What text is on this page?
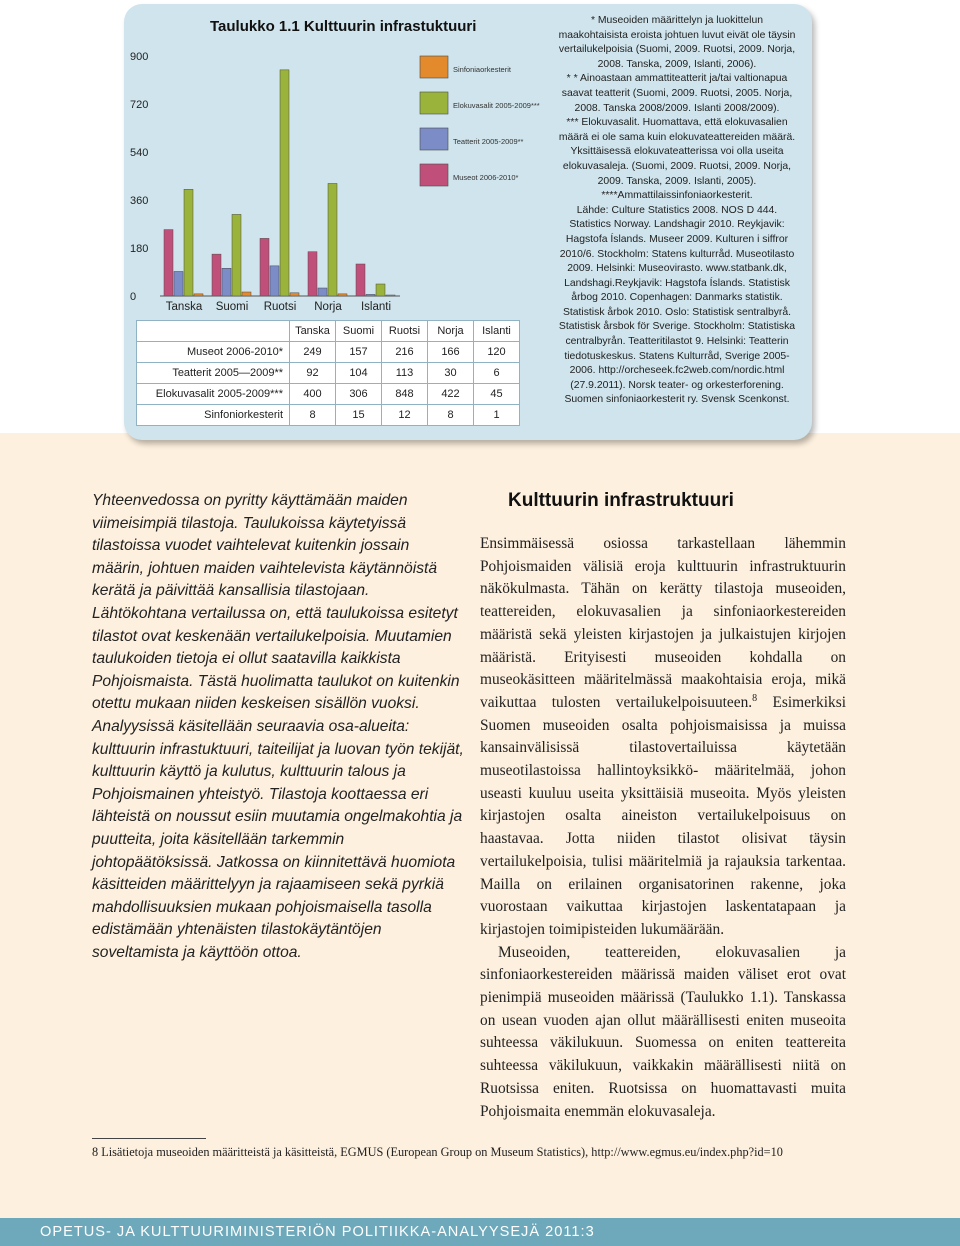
Taulukko 1.1 Kulttuurin infrastuktuuri
0
180
360
540
720
900
Tanska Suomi Ruotsi Norja Islanti
Sinfoniaorkesterit
Elokuvasalit 2005-2009***
Teatterit 2005-2009**
Museot 2006-2010*
* Museoiden määrittelyn ja luokittelun
maakohtaisista eroista johtuen luvut eivät ole täysin
vertailukelpoisia (Suomi, 2009. Ruotsi, 2009. Norja,
2008. Tanska, 2009, Islanti, 2006).
* * Ainoastaan ammattiteatterit ja/tai valtionapua
saavat teatterit (Suomi, 2009. Ruotsi, 2005. Norja,
2008. Tanska 2008/2009. Islanti 2008/2009).
*** Elokuvasalit. Huomattava, että elokuvasalien
määrä ei ole sama kuin elokuvateattereiden määrä.
Yksittäisessä elokuvateatterissa voi olla useita
elokuvasaleja. (Suomi, 2009. Ruotsi, 2009. Norja,
2009. Tanska, 2009. Islanti, 2005).
****Ammattilaissinfoniaorkesterit.
Lähde: Culture Statistics 2008. NOS D 444.
Statistics Norway. Landshagir 2010. Reykjavik:
Hagstofa Íslands. Museer 2009. Kulturen i siffror
2010/6. Stockholm: Statens kulturråd. Museotilasto
2009. Helsinki: Museovirasto. www.statbank.dk,
Landshagi.Reykjavik: Hagstofa Íslands. Statistisk
årbog 2010. Copenhagen: Danmarks statistik.
Statistisk årbok 2010. Oslo: Statistisk sentralbyrå.
Statistisk årsbok för Sverige. Stockholm: Statistiska
centralbyrån. Teatteritilastot 9. Helsinki: Teatterin
tiedotuskeskus. Statens Kulturråd, Sverige 2005-
2006. http://orcheseek.fc2web.com/nordic.html
(27.9.2011). Norsk teater- og orkesterforening.
Suomen sinfoniaorkesterit ry. Svensk Scenkonst.
	Tanska	Suomi	Ruotsi	Norja	Islanti
Museot 2006-2010*	249	157	216	166	120
Teatterit 2005—2009**	92	104	113	30	6
Elokuvasalit 2005-2009***	400	306	848	422	45
Sinfoniorkesterit	8	15	12	8	1

Yhteenvedossa on pyritty käyttämään maiden viimeisimpiä tilastoja. Taulukoissa käytetyissä tilastoissa vuodet vaihtelevat kuitenkin jossain määrin, johtuen maiden vaihtelevista käytännöistä kerätä ja päivittää kansallisia tilastojaan. Lähtökohtana vertailussa on, että taulukoissa esitetyt tilastot ovat keskenään vertailukelpoisia. Muutamien taulukoiden tietoja ei ollut saatavilla kaikkista Pohjoismaista. Tästä huolimatta taulukot on kuitenkin otettu mukaan niiden keskeisen sisällön vuoksi. Analyysissä käsitellään seuraavia osa-alueita: kulttuurin infrastuktuuri, taiteilijat ja luovan työn tekijät, kulttuurin käyttö ja kulutus, kulttuurin talous ja Pohjoismainen yhteistyö. Tilastoja koottaessa eri lähteistä on noussut esiin muutamia ongelmakohtia ja puutteita, joita käsitellään tarkemmin johtopäätöksissä. Jatkossa on kiinnitettävä huomiota käsitteiden määrittelyyn ja rajaamiseen sekä pyrkiä mahdollisuuksien mukaan pohjoismaisella tasolla edistämään yhtenäisten tilastokäytäntöjen soveltamista ja käyttöön ottoa.

Kulttuurin infrastruktuuri

Ensimmäisessä osiossa tarkastellaan lähemmin Pohjoismaiden välisiä eroja kulttuurin infrastruktuurin näkökulmasta. Tähän on kerätty tilastoja museoiden, teattereiden, elokuvasalien ja sinfoniaorkestereiden määristä sekä yleisten kirjastojen ja julkaistujen kirjojen määristä. Erityisesti museoiden kohdalla on museokäsitteen määritelmässä maakohtaisia eroja, mikä vaikuttaa tulosten vertailukelpoisuuteen.$^8$ Esimerkiksi Suomen museoiden osalta pohjoismaisissa ja muissa kansainvälisissä tilastovertailuissa käytetään museotilastoissa hallintoyksikkö- määritelmää, johon useasti kuuluu useita yksittäisiä museoita. Myös yleisten kirjastojen osalta aineiston vertailukelpoisuus on haastavaa. Jotta niiden tilastot olisivat täysin vertailukelpoisia, tulisi määritelmiä ja rajauksia tarkentaa. Mailla on erilainen organisatorinen rakenne, joka vuorostaan vaikuttaa kirjastojen laskentatapaan ja kirjastojen toimipisteiden lukumäärään.

Museoiden, teattereiden, elokuvasalien ja sinfoniaorkestereiden määrissä maiden väliset erot ovat pienimpiä museoiden määrissä (Taulukko 1.1). Tanskassa on usean vuoden ajan ollut määrällisesti eniten museoita suhteessa väkilukuun. Suomessa on eniten teattereita suhteessa väkilukuun, vaikkakin määrällisesti niitä on Ruotsissa eniten. Ruotsissa on huomattavasti muita Pohjoismaita enemmän elokuvasaleja.

8 Lisätietoja museoiden määritteistä ja käsitteistä, EGMUS (European Group on Museum Statistics), http://www.egmus.eu/index.php?id=10
OPETUS- JA KULTTUURIMINISTERIÖN POLITIIKKA-ANALYYSEJÄ 2011:3
